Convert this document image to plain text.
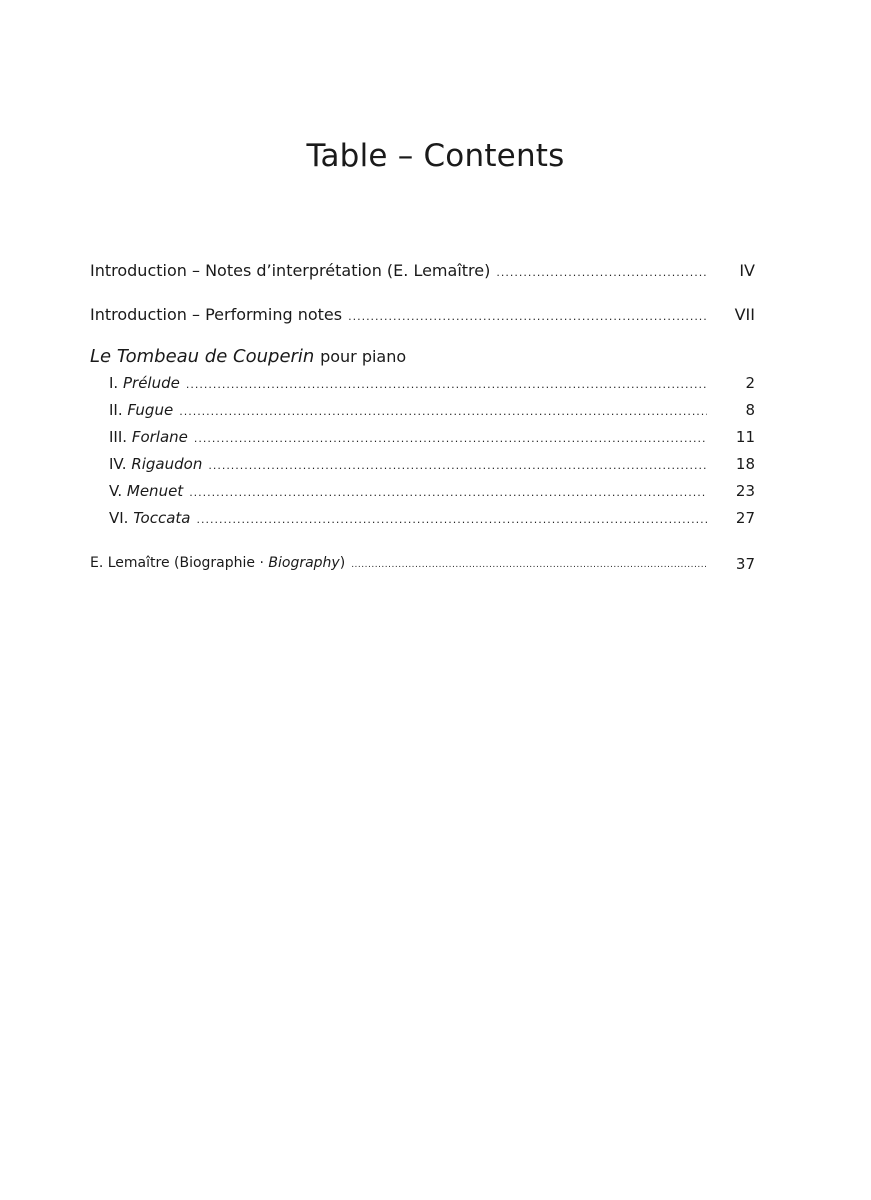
Table – Contents
Introduction – Notes d’interprétation (E. Lemaître) .....	IV
Introduction – Performing notes .....	VII
Le Tombeau de Couperin pour piano
I. Prélude .....	2
II. Fugue .....	8
III. Forlane .....	11
IV. Rigaudon .....	18
V. Menuet .....	23
VI. Toccata .....	27
E. Lemaître (Biographie · Biography) .....	37
